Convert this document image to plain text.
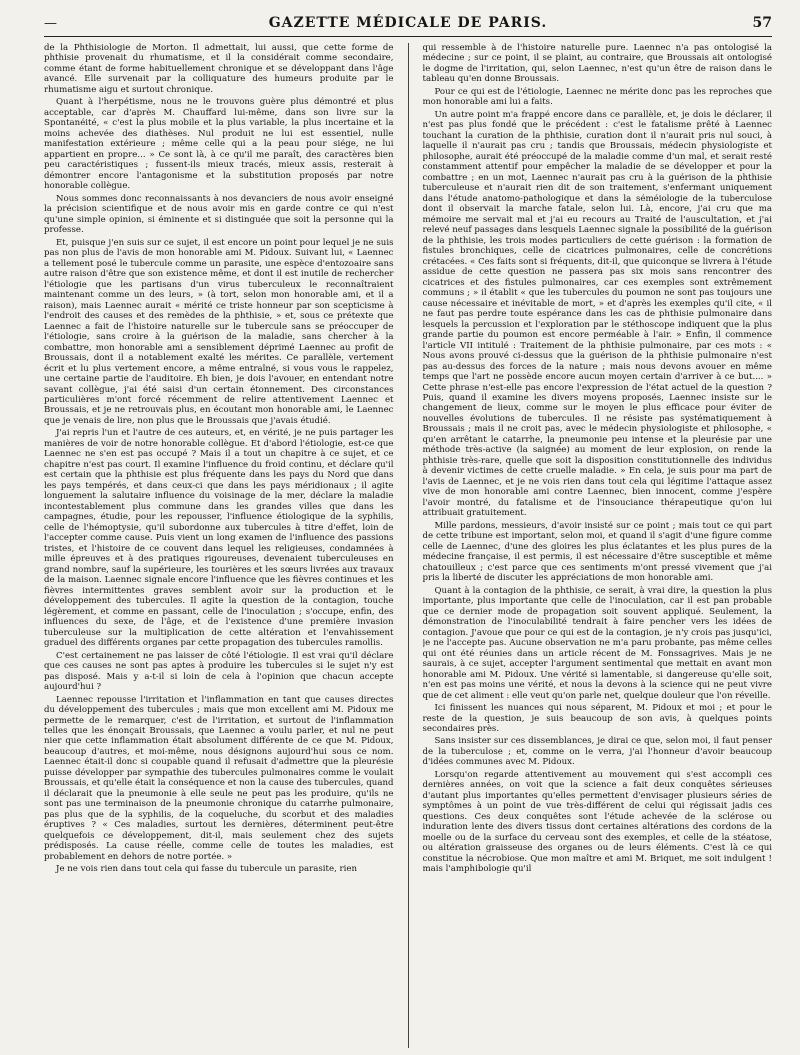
—	GAZETTE MÉDICALE DE PARIS.	57

de la Phthisiologie de Morton. Il admettait, lui aussi, que cette forme de phthisie provenait du rhumatisme, et il la considérait comme secondaire, comme étant de forme habituellement chronique et se développant dans l'âge avancé. Elle survenait par la colliquature des humeurs produite par le rhumatisme aigu et surtout chronique.

Quant à l'herpétisme, nous ne le trouvons guère plus démontré et plus acceptable, car d'après M. Chauffard lui-même, dans son livre sur la Spontanéité, « c'est la plus mobile et la plus variable, la plus incertaine et la moins achevée des diathèses. Nul produit ne lui est essentiel, nulle manifestation extérieure ; même celle qui a la peau pour siége, ne lui appartient en propre... » Ce sont là, à ce qu'il me paraît, des caractères bien peu caractéristiques ; fussent-ils mieux tracés, mieux assis, resterait à démontrer encore l'antagonisme et la substitution proposés par notre honorable collègue.

Nous sommes donc reconnaissants à nos devanciers de nous avoir enseigné la précision scientifique et de nous avoir mis en garde contre ce qui n'est qu'une simple opinion, si éminente et si distinguée que soit la personne qui la professe.

Et, puisque j'en suis sur ce sujet, il est encore un point pour lequel je ne suis pas non plus de l'avis de mon honorable ami M. Pidoux. Suivant lui, « Laennec a tellement posé le tubercule comme un parasite, une espèce d'entozoaire sans autre raison d'être que son existence même, et dont il est inutile de rechercher l'étiologie que les partisans d'un virus tuberculeux le reconnaîtraient maintenant comme un des leurs, » (à tort, selon mon honorable ami, et il a raison), mais Laennec aurait « mérité ce triste honneur par son scepticisme à l'endroit des causes et des remèdes de la phthisie, » et, sous ce prétexte que Laennec a fait de l'histoire naturelle sur le tubercule sans se préoccuper de l'étiologie, sans croire à la guérison de la maladie, sans chercher à la combattre, mon honorable ami a sensiblement déprimé Laennec au profit de Broussais, dont il a notablement exalté les mérites. Ce parallèle, vertement écrit et lu plus vertement encore, a même entraîné, si vous vous le rappelez, une certaine partie de l'auditoire. Eh bien, je dois l'avouer, en entendant notre savant collègue, j'ai été saisi d'un certain étonnement. Des circonstances particulières m'ont forcé récemment de relire attentivement Laennec et Broussais, et je ne retrouvais plus, en écoutant mon honorable ami, le Laennec que je venais de lire, non plus que le Broussais que j'avais étudié.

J'ai repris l'un et l'autre de ces auteurs, et, en vérité, je ne puis partager les manières de voir de notre honorable collègue. Et d'abord l'étiologie, est-ce que Laennec ne s'en est pas occupé ? Mais il a tout un chapitre à ce sujet, et ce chapitre n'est pas court. Il examine l'influence du froid continu, et déclare qu'il est certain que la phthisie est plus fréquente dans les pays du Nord que dans les pays tempérés, et dans ceux-ci que dans les pays méridionaux ; il agite longuement la salutaire influence du voisinage de la mer, déclare la maladie incontestablement plus commune dans les grandes villes que dans les campagnes, étudie, pour les repousser, l'influence étiologique de la syphilis, celle de l'hémoptysie, qu'il subordonne aux tubercules à titre d'effet, loin de l'accepter comme cause. Puis vient un long examen de l'influence des passions tristes, et l'histoire de ce couvent dans lequel les religieuses, condamnées à mille épreuves et à des pratiques rigoureuses, devenaient tuberculeuses en grand nombre, sauf la supérieure, les tourières et les sœurs livrées aux travaux de la maison. Laennec signale encore l'influence que les fièvres continues et les fièvres intermittentes graves semblent avoir sur la production et le développement des tubercules. Il agite la question de la contagion, touche légèrement, et comme en passant, celle de l'inoculation ; s'occupe, enfin, des influences du sexe, de l'âge, et de l'existence d'une première invasion tuberculeuse sur la multiplication de cette altération et l'envahissement graduel des différents organes par cette propagation des tubercules ramollis.

C'est certainement ne pas laisser de côté l'étiologie. Il est vrai qu'il déclare que ces causes ne sont pas aptes à produire les tubercules si le sujet n'y est pas disposé. Mais y a-t-il si loin de cela à l'opinion que chacun accepte aujourd'hui ?

Laennec repousse l'irritation et l'inflammation en tant que causes directes du développement des tubercules ; mais que mon excellent ami M. Pidoux me permette de le remarquer, c'est de l'irritation, et surtout de l'inflammation telles que les énonçait Broussais, que Laennec a voulu parler, et nul ne peut nier que cette inflammation était absolument différente de ce que M. Pidoux, beaucoup d'autres, et moi-même, nous désignons aujourd'hui sous ce nom. Laennec était-il donc si coupable quand il refusait d'admettre que la pleurésie puisse développer par sympathie des tubercules pulmonaires comme le voulait Broussais, et qu'elle était la conséquence et non la cause des tubercules, quand il déclarait que la pneumonie à elle seule ne peut pas les produire, qu'ils ne sont pas une terminaison de la pneumonie chronique du catarrhe pulmonaire, pas plus que de la syphilis, de la coqueluche, du scorbut et des maladies éruptives ? « Ces maladies, surtout les dernières, déterminent peut-être quelquefois ce développement, dit-il, mais seulement chez des sujets prédisposés. La cause réelle, comme celle de toutes les maladies, est probablement en dehors de notre portée. »

Je ne vois rien dans tout cela qui fasse du tubercule un parasite, rien

qui ressemble à de l'histoire naturelle pure. Laennec n'a pas ontologisé la médecine ; sur ce point, il se plaint, au contraire, que Broussais ait ontologisé le dogme de l'irritation, qui, selon Laennec, n'est qu'un être de raison dans le tableau qu'en donne Broussais.

Pour ce qui est de l'étiologie, Laennec ne mérite donc pas les reproches que mon honorable ami lui a faits.

Un autre point m'a frappé encore dans ce parallèle, et, je dois le déclarer, il n'est pas plus fondé que le précédent : c'est le fatalisme prêté à Laennec touchant la curation de la phthisie, curation dont il n'aurait pris nul souci, à laquelle il n'aurait pas cru ; tandis que Broussais, médecin physiologiste et philosophe, aurait été préoccupé de la maladie comme d'un mal, et serait resté constamment attentif pour empêcher la maladie de se développer et pour la combattre ; en un mot, Laennec n'aurait pas cru à la guérison de la phthisie tuberculeuse et n'aurait rien dit de son traitement, s'enfermant uniquement dans l'étude anatomo-pathologique et dans la séméiologie de la tuberculose dont il observait la marche fatale, selon lui. Là, encore, j'ai cru que ma mémoire me servait mal et j'ai eu recours au Traité de l'auscultation, et j'ai relevé neuf passages dans lesquels Laennec signale la possibilité de la guérison de la phthisie, les trois modes particuliers de cette guérison : la formation de fistules bronchiques, celle de cicatrices pulmonaires, celle de concrétions crétacées. « Ces faits sont si fréquents, dit-il, que quiconque se livrera à l'étude assidue de cette question ne passera pas six mois sans rencontrer des cicatrices et des fistules pulmonaires, car ces exemples sont extrêmement communs ; » il établit « que les tubercules du poumon ne sont pas toujours une cause nécessaire et inévitable de mort, » et d'après les exemples qu'il cite, « il ne faut pas perdre toute espérance dans les cas de phthisie pulmonaire dans lesquels la percussion et l'exploration par le stéthoscope indiquent que la plus grande partie du poumon est encore perméable à l'air. » Enfin, il commence l'article VII intitulé : Traitement de la phthisie pulmonaire, par ces mots : « Nous avons prouvé ci-dessus que la guérison de la phthisie pulmonaire n'est pas au-dessus des forces de la nature ; mais nous devons avouer en même temps que l'art ne possède encore aucun moyen certain d'arriver à ce but.... » Cette phrase n'est-elle pas encore l'expression de l'état actuel de la question ? Puis, quand il examine les divers moyens proposés, Laennec insiste sur le changement de lieux, comme sur le moyen le plus efficace pour éviter de nouvelles évolutions de tubercules. Il ne résiste pas systématiquement à Broussais ; mais il ne croit pas, avec le médecin physiologiste et philosophe, « qu'en arrêtant le catarrhe, la pneumonie peu intense et la pleurésie par une méthode très-active (la saignée) au moment de leur explosion, on rende la phthisie très-rare, quelle que soit la disposition constitutionnelle des individus à devenir victimes de cette cruelle maladie. » En cela, je suis pour ma part de l'avis de Laennec, et je ne vois rien dans tout cela qui légitime l'attaque assez vive de mon honorable ami contre Laennec, bien innocent, comme j'espère l'avoir montré, du fatalisme et de l'insouciance thérapeutique qu'on lui attribuait gratuitement.

Mille pardons, messieurs, d'avoir insisté sur ce point ; mais tout ce qui part de cette tribune est important, selon moi, et quand il s'agit d'une figure comme celle de Laennec, d'une des gloires les plus éclatantes et les plus pures de la médecine française, il est permis, il est nécessaire d'être susceptible et même chatouilleux ; c'est parce que ces sentiments m'ont pressé vivement que j'ai pris la liberté de discuter les appréciations de mon honorable ami.

Quant à la contagion de la phthisie, ce serait, à vrai dire, la question la plus importante, plus importante que celle de l'inoculation, car il est pan probable que ce dernier mode de propagation soit souvent appliqué. Seulement, la démonstration de l'inoculabilité tendrait à faire pencher vers les idées de contagion. J'avoue que pour ce qui est de la contagion, je n'y crois pas jusqu'ici, je ne l'accepte pas. Aucune observation ne m'a paru probante, pas même celles qui ont été réunies dans un article récent de M. Fonssagrives. Mais je ne saurais, à ce sujet, accepter l'argument sentimental que mettait en avant mon honorable ami M. Pidoux. Une vérité si lamentable, si dangereuse qu'elle soit, n'en est pas moins une vérité, et nous la devons à la science qui ne peut vivre que de cet aliment : elle veut qu'on parle net, quelque douleur que l'on réveille.

Ici finissent les nuances qui nous séparent, M. Pidoux et moi ; et pour le reste de la question, je suis beaucoup de son avis, à quelques points secondaires près.

Sans insister sur ces dissemblances, je dirai ce que, selon moi, il faut penser de la tuberculose ; et, comme on le verra, j'ai l'honneur d'avoir beaucoup d'idées communes avec M. Pidoux.

Lorsqu'on regarde attentivement au mouvement qui s'est accompli ces dernières années, on voit que la science a fait deux conquêtes sérieuses d'autant plus importantes qu'elles permettent d'envisager plusieurs séries de symptômes à un point de vue très-différent de celui qui régissait jadis ces questions. Ces deux conquêtes sont l'étude achevée de la sclérose ou induration lente des divers tissus dont certaines altérations des cordons de la moelle ou de la surface du cerveau sont des exemples, et celle de la stéatose, ou altération graisseuse des organes ou de leurs éléments. C'est là ce qui constitue la nécrobiose. Que mon maître et ami M. Briquet, me soit indulgent ! mais l'amphibologie qu'il
